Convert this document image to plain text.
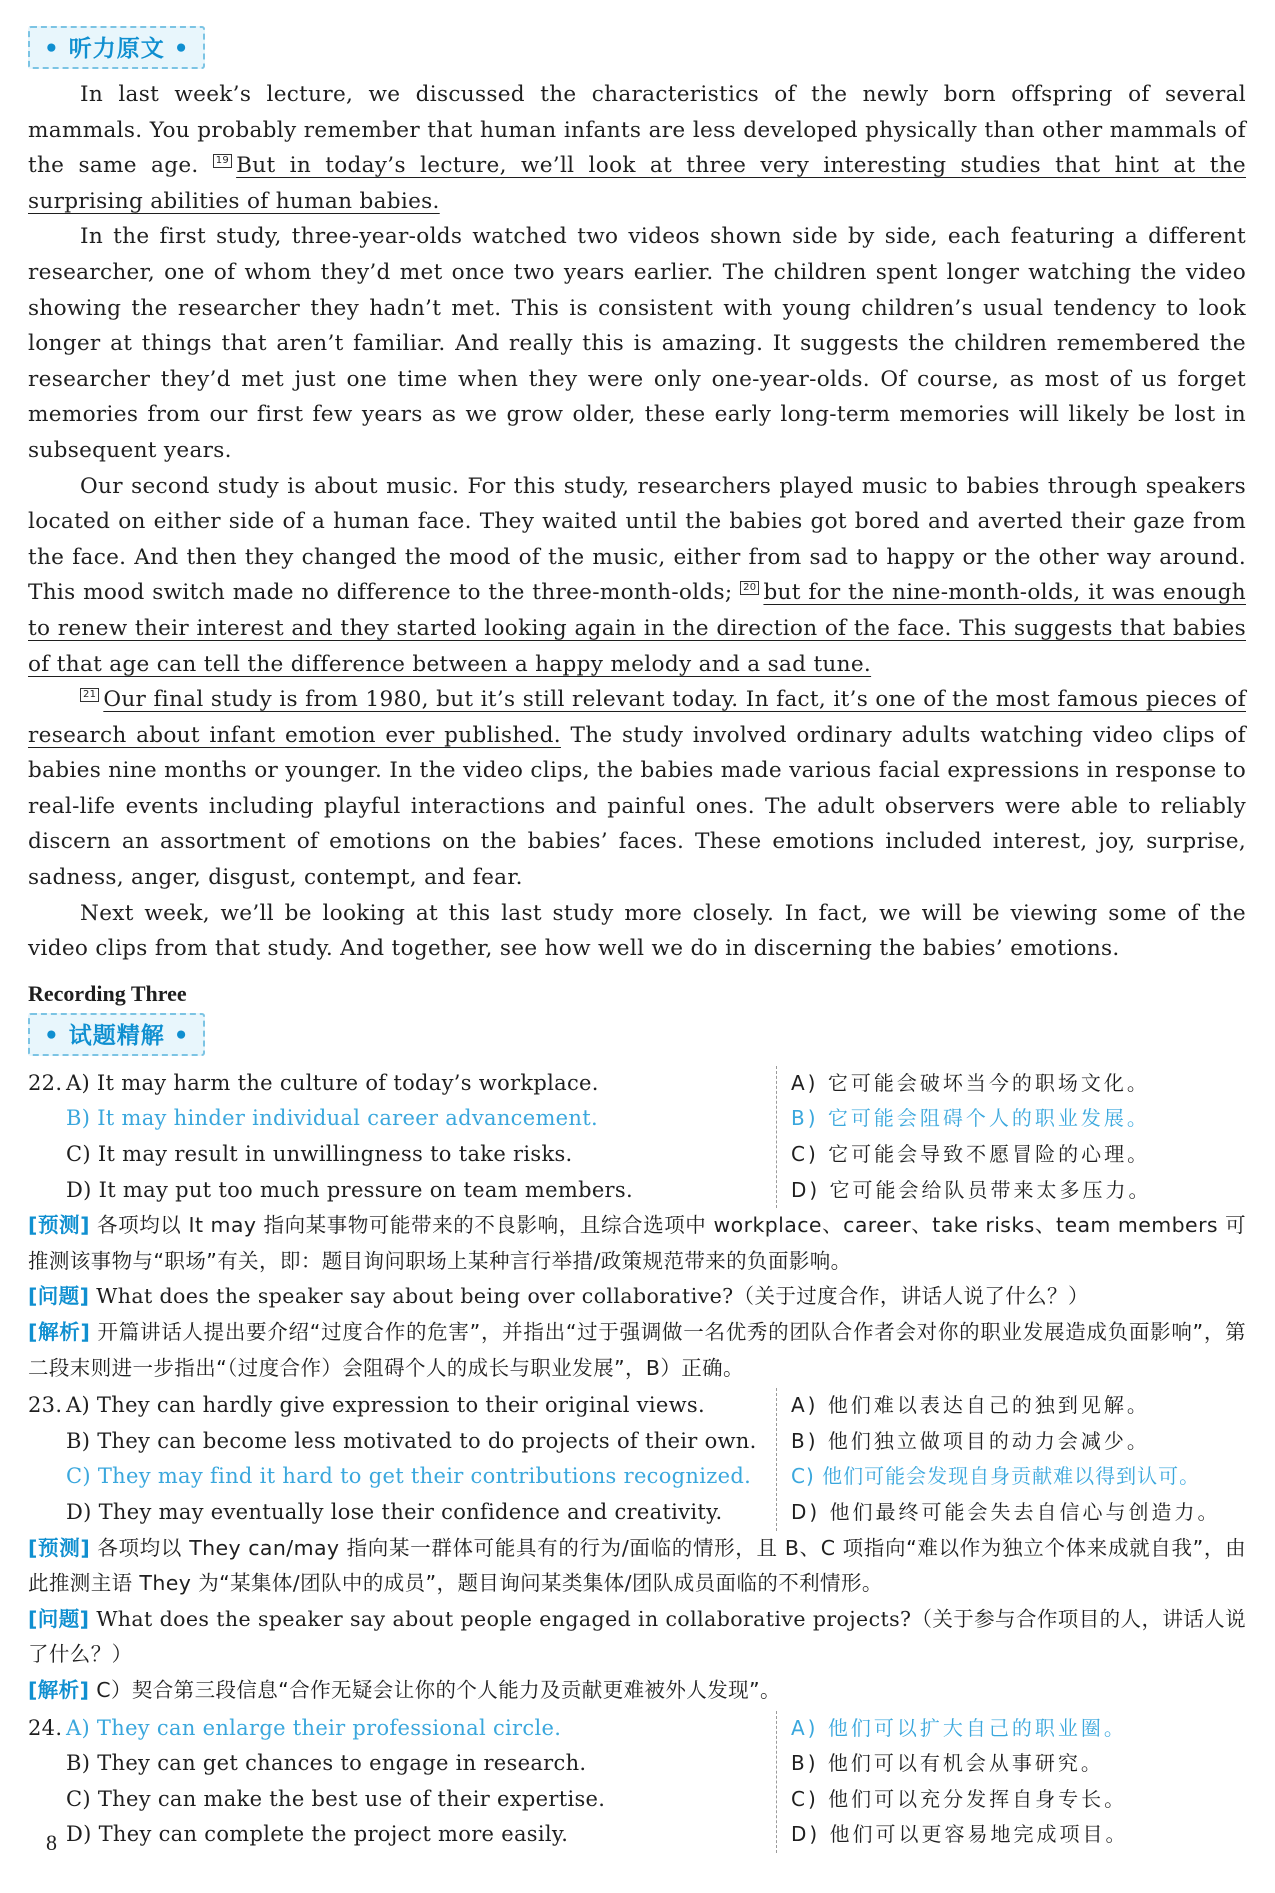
• 听力原文 •

In last week’s lecture, we discussed the characteristics of the newly born offspring of several mammals. You probably remember that human infants are less developed physically than other mammals of the same age. 19 But in today’s lecture, we’ll look at three very interesting studies that hint at the surprising abilities of human babies.

In the first study, three-year-olds watched two videos shown side by side, each featuring a different researcher, one of whom they’d met once two years earlier. The children spent longer watching the video showing the researcher they hadn’t met. This is consistent with young children’s usual tendency to look longer at things that aren’t familiar. And really this is amazing. It suggests the children remembered the researcher they’d met just one time when they were only one-year-olds. Of course, as most of us forget memories from our first few years as we grow older, these early long-term memories will likely be lost in subsequent years.

Our second study is about music. For this study, researchers played music to babies through speakers located on either side of a human face. They waited until the babies got bored and averted their gaze from the face. And then they changed the mood of the music, either from sad to happy or the other way around. This mood switch made no difference to the three-month-olds; 20 but for the nine-month-olds, it was enough to renew their interest and they started looking again in the direction of the face. This suggests that babies of that age can tell the difference between a happy melody and a sad tune.

21 Our final study is from 1980, but it’s still relevant today. In fact, it’s one of the most famous pieces of research about infant emotion ever published. The study involved ordinary adults watching video clips of babies nine months or younger. In the video clips, the babies made various facial expressions in response to real-life events including playful interactions and painful ones. The adult observers were able to reliably discern an assortment of emotions on the babies’ faces. These emotions included interest, joy, surprise, sadness, anger, disgust, contempt, and fear.

Next week, we’ll be looking at this last study more closely. In fact, we will be viewing some of the video clips from that study. And together, see how well we do in discerning the babies’ emotions.

Recording Three
• 试题精解 •
22. A) It may harm the culture of today’s workplace.
B) It may hinder individual career advancement.
C) It may result in unwillingness to take risks.
D) It may put too much pressure on team members.
A) 它可能会破坏当今的职场文化。
B) 它可能会阻碍个人的职业发展。
C) 它可能会导致不愿冒险的心理。
D) 它可能会给队员带来太多压力。

[预测] 各项均以 It may 指向某事物可能带来的不良影响，且综合选项中 workplace、career、take risks、team members 可推测该事物与“职场”有关，即：题目询问职场上某种言行举措/政策规范带来的负面影响。

[问题] What does the speaker say about being over collaborative?（关于过度合作，讲话人说了什么？）

[解析] 开篇讲话人提出要介绍“过度合作的危害”，并指出“过于强调做一名优秀的团队合作者会对你的职业发展造成负面影响”，第二段末则进一步指出“（过度合作）会阻碍个人的成长与职业发展”，B）正确。

23. A) They can hardly give expression to their original views.
B) They can become less motivated to do projects of their own.
C) They may find it hard to get their contributions recognized.
D) They may eventually lose their confidence and creativity.
A) 他们难以表达自己的独到见解。
B) 他们独立做项目的动力会减少。
C) 他们可能会发现自身贡献难以得到认可。
D) 他们最终可能会失去自信心与创造力。

[预测] 各项均以 They can/may 指向某一群体可能具有的行为/面临的情形，且 B、C 项指向“难以作为独立个体来成就自我”，由此推测主语 They 为“某集体/团队中的成员”，题目询问某类集体/团队成员面临的不利情形。

[问题] What does the speaker say about people engaged in collaborative projects?（关于参与合作项目的人，讲话人说了什么？）

[解析] C）契合第三段信息“合作无疑会让你的个人能力及贡献更难被外人发现”。

24. A) They can enlarge their professional circle.
B) They can get chances to engage in research.
C) They can make the best use of their expertise.
D) They can complete the project more easily.
A) 他们可以扩大自己的职业圈。
B) 他们可以有机会从事研究。
C) 他们可以充分发挥自身专长。
D) 他们可以更容易地完成项目。
8
